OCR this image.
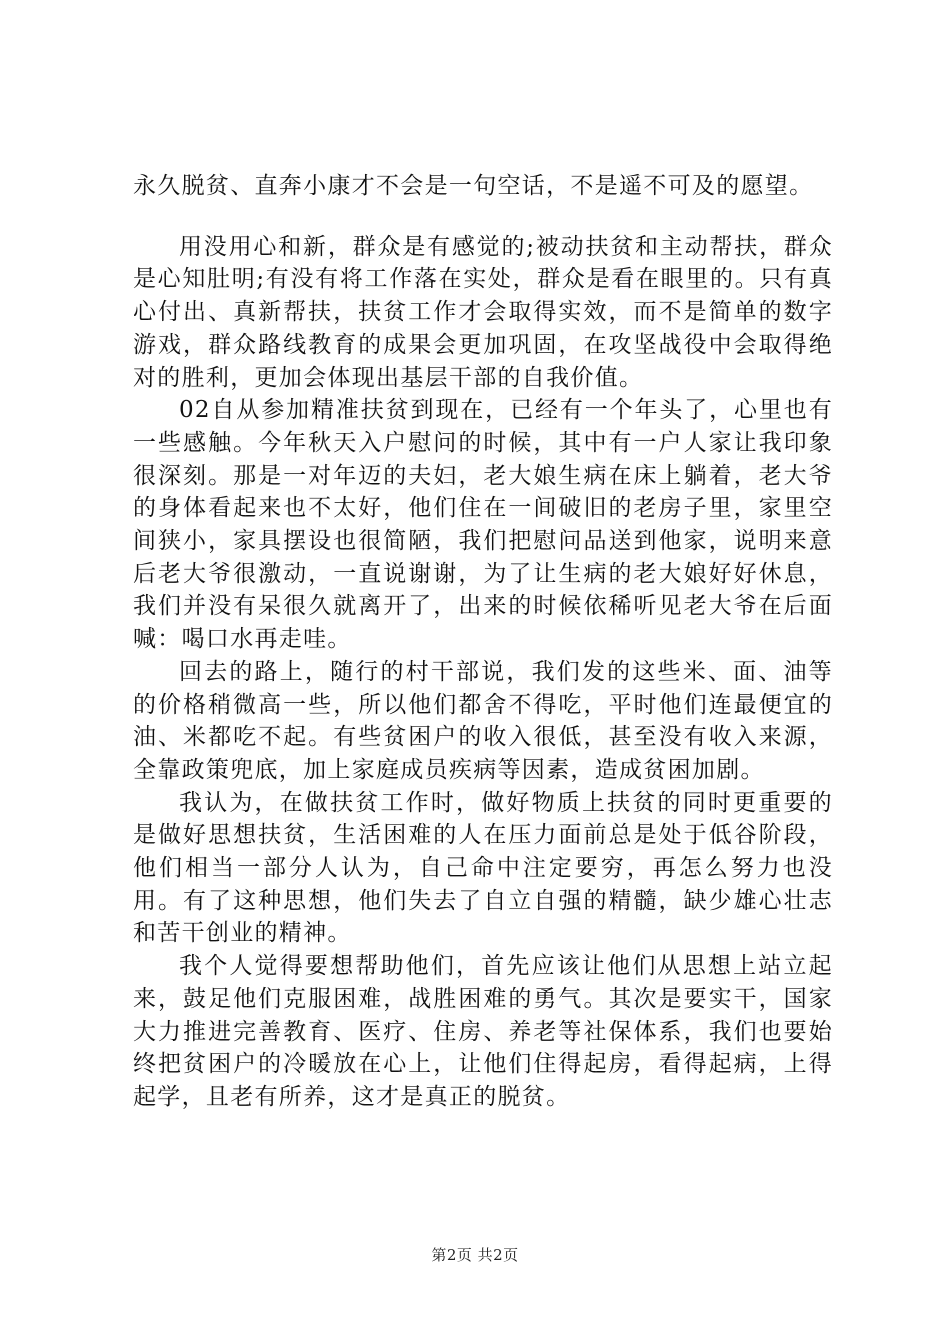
永久脱贫、直奔小康才不会是一句空话，不是遥不可及的愿望。

用没用心和新，群众是有感觉的;被动扶贫和主动帮扶，群众是心知肚明;有没有将工作落在实处，群众是看在眼里的。只有真心付出、真新帮扶，扶贫工作才会取得实效，而不是简单的数字游戏，群众路线教育的成果会更加巩固，在攻坚战役中会取得绝对的胜利，更加会体现出基层干部的自我价值。

02自从参加精准扶贫到现在，已经有一个年头了，心里也有一些感触。今年秋天入户慰问的时候，其中有一户人家让我印象很深刻。那是一对年迈的夫妇，老大娘生病在床上躺着，老大爷的身体看起来也不太好，他们住在一间破旧的老房子里，家里空间狭小，家具摆设也很简陋，我们把慰问品送到他家，说明来意后老大爷很激动，一直说谢谢，为了让生病的老大娘好好休息，我们并没有呆很久就离开了，出来的时候依稀听见老大爷在后面喊：喝口水再走哇。

回去的路上，随行的村干部说，我们发的这些米、面、油等的价格稍微高一些，所以他们都舍不得吃，平时他们连最便宜的油、米都吃不起。有些贫困户的收入很低，甚至没有收入来源，全靠政策兜底，加上家庭成员疾病等因素，造成贫困加剧。

我认为，在做扶贫工作时，做好物质上扶贫的同时更重要的是做好思想扶贫，生活困难的人在压力面前总是处于低谷阶段，他们相当一部分人认为，自己命中注定要穷，再怎么努力也没用。有了这种思想，他们失去了自立自强的精髓，缺少雄心壮志和苦干创业的精神。

我个人觉得要想帮助他们，首先应该让他们从思想上站立起来，鼓足他们克服困难，战胜困难的勇气。其次是要实干，国家大力推进完善教育、医疗、住房、养老等社保体系，我们也要始终把贫困户的冷暖放在心上，让他们住得起房，看得起病，上得起学，且老有所养，这才是真正的脱贫。

第2页 共2页
